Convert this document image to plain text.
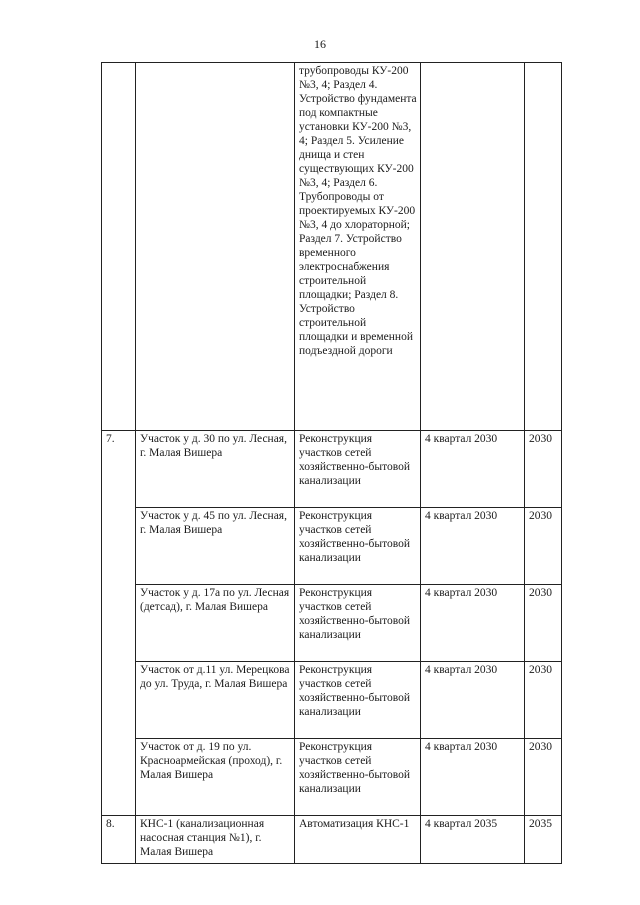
16
		трубопроводы КУ-200 №3, 4; Раздел 4. Устройство фундамента под компактные установки КУ-200 №3, 4; Раздел 5. Усиление днища и стен существующих КУ-200 №3, 4; Раздел 6. Трубопроводы от проектируемых КУ-200 №3, 4 до хлораторной; Раздел 7. Устройство временного электроснабжения строительной площадки; Раздел 8. Устройство строительной площадки и временной подъездной дороги		
7.	Участок у д. 30 по ул. Лесная, г. Малая Вишера	Реконструкция участков сетей хозяйственно-бытовой канализации	4 квартал 2030	2030
	Участок у д. 45 по ул. Лесная, г. Малая Вишера	Реконструкция участков сетей хозяйственно-бытовой канализации	4 квартал 2030	2030
	Участок у д. 17а по ул. Лесная (детсад), г. Малая Вишера	Реконструкция участков сетей хозяйственно-бытовой канализации	4 квартал 2030	2030
	Участок от д.11 ул. Мерецкова до ул. Труда, г. Малая Вишера	Реконструкция участков сетей хозяйственно-бытовой канализации	4 квартал 2030	2030
	Участок от д. 19 по ул. Красноармейская (проход), г. Малая Вишера	Реконструкция участков сетей хозяйственно-бытовой канализации	4 квартал 2030	2030
8.	КНС-1 (канализационная насосная станция №1), г. Малая Вишера	Автоматизация КНС-1	4 квартал 2035	2035
